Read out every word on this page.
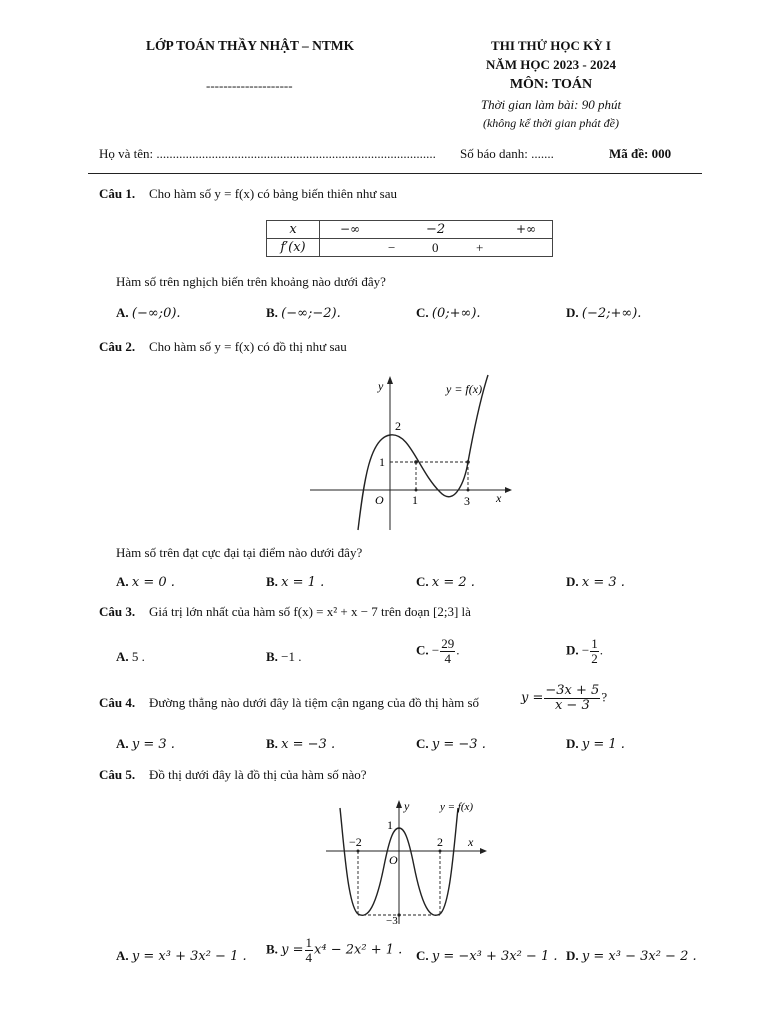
LỚP TOÁN THẦY NHẬT – NTMK
--------------------
THI THỬ HỌC KỲ I
NĂM HỌC 2023 - 2024
MÔN: TOÁN
Thời gian làm bài: 90 phút
(không kể thời gian phát đề)
Họ và tên: ...................................................................................... Số báo danh: .......	Mã đề: 000
Câu 1. Cho hàm số y = f(x) có bảng biến thiên như sau
x	−∞ −2 +∞

f′(x)	− 0 +
Hàm số trên nghịch biến trên khoảng nào dưới đây?
A. (−∞;0).	B. (−∞;−2).	C. (0;+∞).	D. (−2;+∞).
Câu 2. Cho hàm số y = f(x) có đồ thị như sau
y	y = f(x)
2
1
O 1	3 x
Hàm số trên đạt cực đại tại điểm nào dưới đây?
A. x = 0 .	B. x = 1 .	C. x = 2 .	D. x = 3 .
Câu 3. Giá trị lớn nhất của hàm số f(x) = x² + x − 7 trên đoạn [2;3] là
A. 5 .	B. −1 .	C. − $\frac{29}{4}$ .	D. − $\frac{1}{2}$ .
Câu 4. Đường thẳng nào dưới đây là tiệm cận ngang của đồ thị hàm số	$y = \frac{-3x + 5}{x - 3}$ ?
A. y = 3 .	B. x = −3 .	C. y = −3 .	D. y = 1 .
Câu 5. Đồ thị dưới đây là đồ thị của hàm số nào?
y	y = f(x)
1
−2	2 x
O
−3
A. y = x³ + 3x² − 1 .
B. $y = \frac{1}{4} x^4 - 2x^2 + 1$ . C. y = −x³ + 3x² − 1 . D. y = x³ − 3x² − 2 .
